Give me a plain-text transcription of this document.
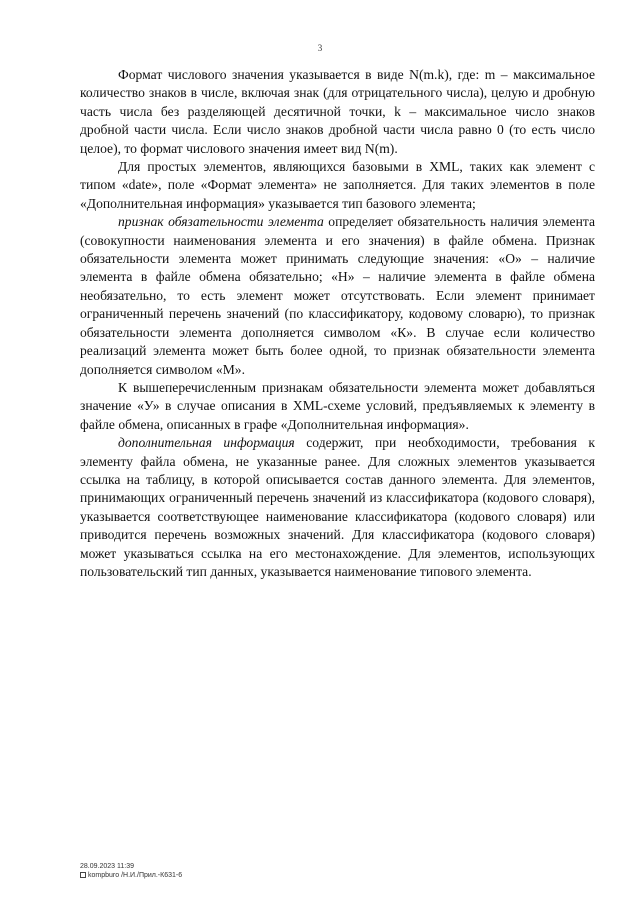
3

Формат числового значения указывается в виде N(m.k), где: m – максимальное количество знаков в числе, включая знак (для отрицательного числа), целую и дробную часть числа без разделяющей десятичной точки, k – максимальное число знаков дробной части числа. Если число знаков дробной части числа равно 0 (то есть число целое), то формат числового значения имеет вид N(m).

Для простых элементов, являющихся базовыми в XML, таких как элемент с типом «date», поле «Формат элемента» не заполняется. Для таких элементов в поле «Дополнительная информация» указывается тип базового элемента;

признак обязательности элемента определяет обязательность наличия элемента (совокупности наименования элемента и его значения) в файле обмена. Признак обязательности элемента может принимать следующие значения: «О» – наличие элемента в файле обмена обязательно; «Н» – наличие элемента в файле обмена необязательно, то есть элемент может отсутствовать. Если элемент принимает ограниченный перечень значений (по классификатору, кодовому словарю), то признак обязательности элемента дополняется символом «К». В случае если количество реализаций элемента может быть более одной, то признак обязательности элемента дополняется символом «М».

К вышеперечисленным признакам обязательности элемента может добавляться значение «У» в случае описания в XML-схеме условий, предъявляемых к элементу в файле обмена, описанных в графе «Дополнительная информация».

дополнительная информация содержит, при необходимости, требования к элементу файла обмена, не указанные ранее. Для сложных элементов указывается ссылка на таблицу, в которой описывается состав данного элемента. Для элементов, принимающих ограниченный перечень значений из классификатора (кодового словаря), указывается соответствующее наименование классификатора (кодового словаря) или приводится перечень возможных значений. Для классификатора (кодового словаря) может указываться ссылка на его местонахождение. Для элементов, использующих пользовательский тип данных, указывается наименование типового элемента.

28.09.2023 11:39
kompburo /Н.И./Прил.-К631-6
